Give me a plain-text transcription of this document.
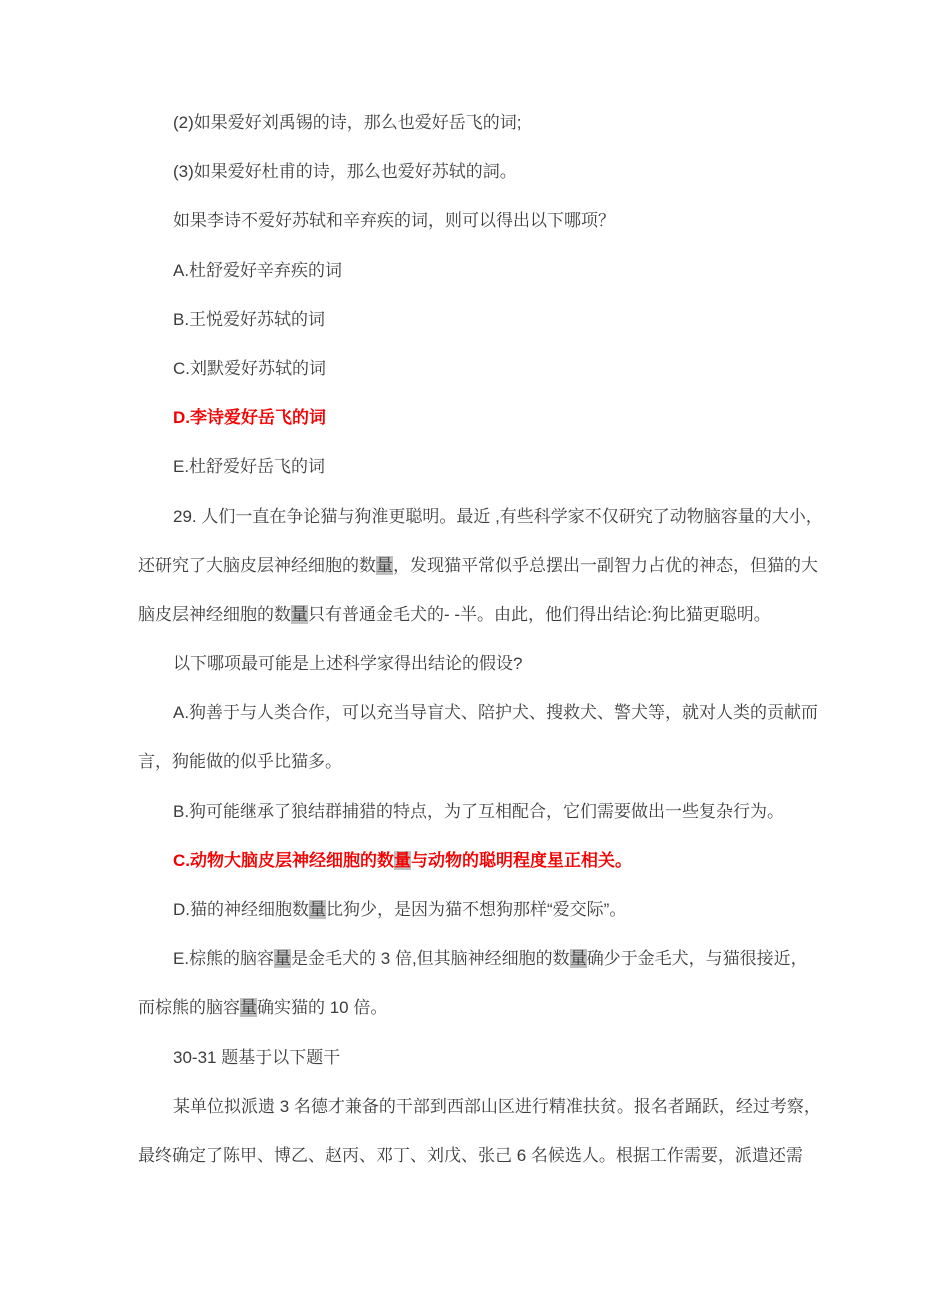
(2)如果爱好刘禹锡的诗，那么也爱好岳飞的词;
(3)如果爱好杜甫的诗，那么也爱好苏轼的詞。
如果李诗不爱好苏轼和辛弃疾的词，则可以得出以下哪项？
A.杜舒爱好辛弃疾的词
B.王悦爱好苏轼的词
C.刘默爱好苏轼的词
D.李诗爱好岳飞的词
E.杜舒爱好岳飞的词
29. 人们一直在争论猫与狗淮更聪明。最近 ,有些科学家不仅研究了动物脑容量的大小，
还研究了大脑皮层神经细胞的数量，发现猫平常似乎总摆出一副智力占优的神态，但猫的大
脑皮层神经细胞的数量只有普通金毛犬的- -半。由此，他们得出结论:狗比猫更聪明。
以下哪项最可能是上述科学家得出结论的假设?
A.狗善于与人类合作，可以充当导盲犬、陪护犬、搜救犬、警犬等，就对人类的贡献而
言，狗能做的似乎比猫多。
B.狗可能继承了狼结群捕猎的特点，为了互相配合，它们需要做出一些复杂行为。
C.动物大脑皮层神经细胞的数量与动物的聪明程度星正相关。
D.猫的神经细胞数量比狗少，是因为猫不想狗那样“爱交际”。
E.棕熊的脑容量是金毛犬的 3 倍,但其脑神经细胞的数量确少于金毛犬，与猫很接近，
而棕熊的脑容量确实猫的 10 倍。
30-31 题基于以下题干
某单位拟派遗 3 名德才兼备的干部到西部山区进行精准扶贫。报名者踊跃，经过考察，
最终确定了陈甲、博乙、赵丙、邓丁、刘戊、张己 6 名候选人。根据工作需要，派遣还需
